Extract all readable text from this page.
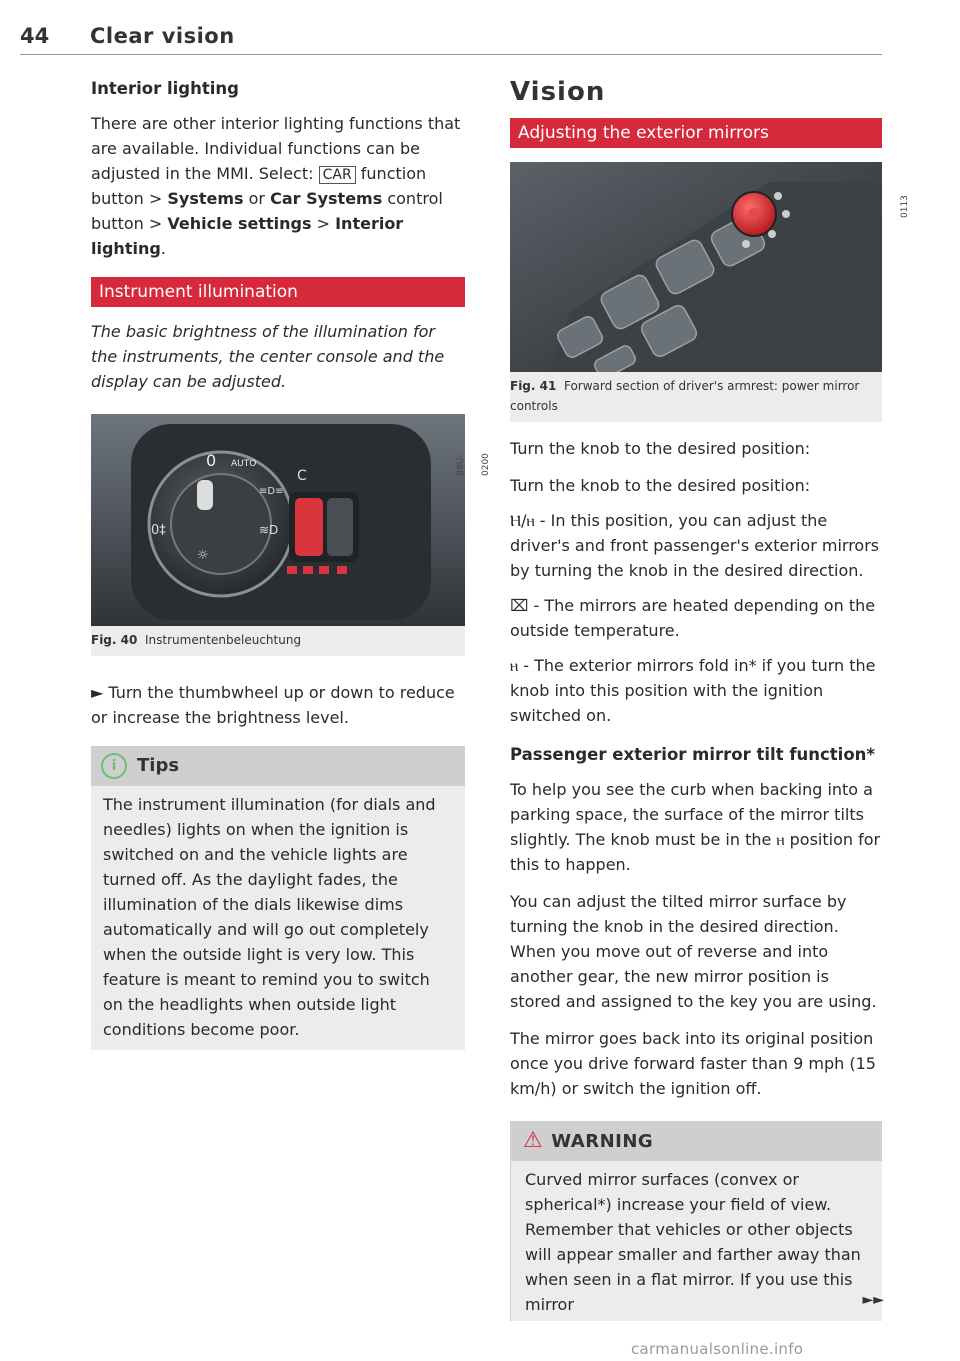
44 Clear vision
Interior lighting

There are other interior lighting functions that are available. Individual functions can be adjusted in the MMI. Select: CAR function button > Systems or Car Systems control button > Vehicle settings > Interior lighting.

Instrument illumination

The basic brightness of the illumination for the instruments, the center console and the display can be adjusted.

0 AUTO
0‡
☼
≋D
≡D≡
C	B8U-0200
Fig. 40 Instrumentenbeleuchtung

► Turn the thumbwheel up or down to reduce or increase the brightness level.

i Tips
The instrument illumination (for dials and needles) lights on when the ignition is switched on and the vehicle lights are turned off. As the daylight fades, the illumination of the dials likewise dims automatically and will go out completely when the outside light is very low. This feature is meant to remind you to switch on the headlights when outside light conditions become poor.
Vision
Adjusting the exterior mirrors
B8U-0113
Fig. 41 Forward section of driver's armrest: power mirror controls

Turn the knob to the desired position:

Turn the knob to the desired position:

Ⲏ/ⲏ - In this position, you can adjust the driver's and front passenger's exterior mirrors by turning the knob in the desired direction.

⌧ - The mirrors are heated depending on the outside temperature.

ⲏ - The exterior mirrors fold in* if you turn the knob into this position with the ignition switched on.

Passenger exterior mirror tilt function*

To help you see the curb when backing into a parking space, the surface of the mirror tilts slightly. The knob must be in the ⲏ position for this to happen.

You can adjust the tilted mirror surface by turning the knob in the desired direction. When you move out of reverse and into another gear, the new mirror position is stored and assigned to the key you are using.

The mirror goes back into its original position once you drive forward faster than 9 mph (15 km/h) or switch the ignition off.

⚠ WARNING
Curved mirror surfaces (convex or spherical*) increase your field of view. Remember that vehicles or other objects will appear smaller and farther away than when seen in a flat mirror. If you use this mirror	►►
carmanualsonline.info
